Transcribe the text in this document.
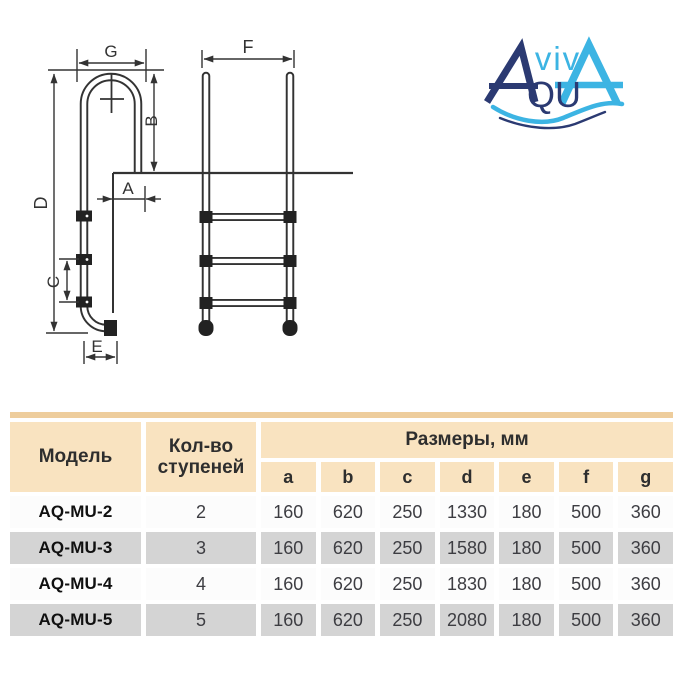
G	F
B
A
D
C
E
viv
QU
Модель
Кол-во ступеней
Размеры, мм
a	b	c	d	e	f	g
AQ-MU-2	2	160	620	250	1330	180	500	360
AQ-MU-3	3	160	620	250	1580	180	500	360
AQ-MU-4	4	160	620	250	1830	180	500	360
AQ-MU-5	5	160	620	250	2080	180	500	360
